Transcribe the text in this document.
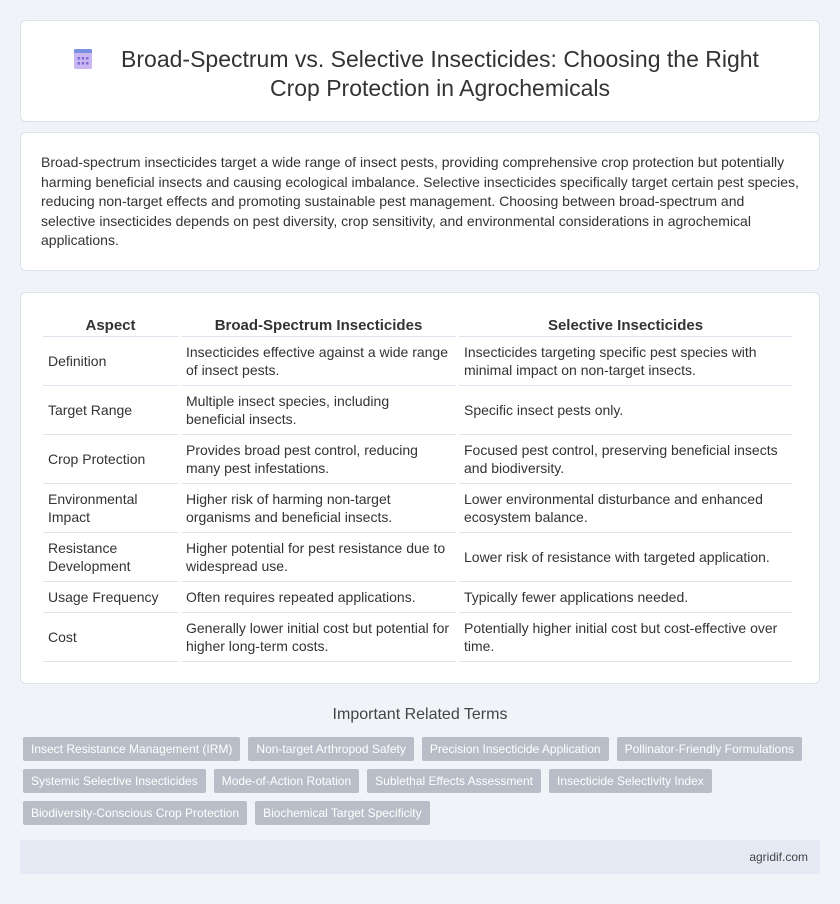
Broad-Spectrum vs. Selective Insecticides: Choosing the Right Crop Protection in Agrochemicals

Broad-spectrum insecticides target a wide range of insect pests, providing comprehensive crop protection but potentially harming beneficial insects and causing ecological imbalance. Selective insecticides specifically target certain pest species, reducing non-target effects and promoting sustainable pest management. Choosing between broad-spectrum and selective insecticides depends on pest diversity, crop sensitivity, and environmental considerations in agrochemical applications.

Aspect	Broad-Spectrum Insecticides	Selective Insecticides
Definition	Insecticides effective against a wide range of insect pests.	Insecticides targeting specific pest species with minimal impact on non-target insects.
Target Range	Multiple insect species, including beneficial insects.	Specific insect pests only.
Crop Protection	Provides broad pest control, reducing many pest infestations.	Focused pest control, preserving beneficial insects and biodiversity.
Environmental Impact	Higher risk of harming non-target organisms and beneficial insects.	Lower environmental disturbance and enhanced ecosystem balance.
Resistance Development	Higher potential for pest resistance due to widespread use.	Lower risk of resistance with targeted application.
Usage Frequency	Often requires repeated applications.	Typically fewer applications needed.
Cost	Generally lower initial cost but potential for higher long-term costs.	Potentially higher initial cost but cost-effective over time.
Important Related Terms
Insect Resistance Management (IRM)	Non-target Arthropod Safety	Precision Insecticide Application	Pollinator-Friendly Formulations
Systemic Selective Insecticides	Mode-of-Action Rotation	Sublethal Effects Assessment	Insecticide Selectivity Index
Biodiversity-Conscious Crop Protection	Biochemical Target Specificity
agridif.com
